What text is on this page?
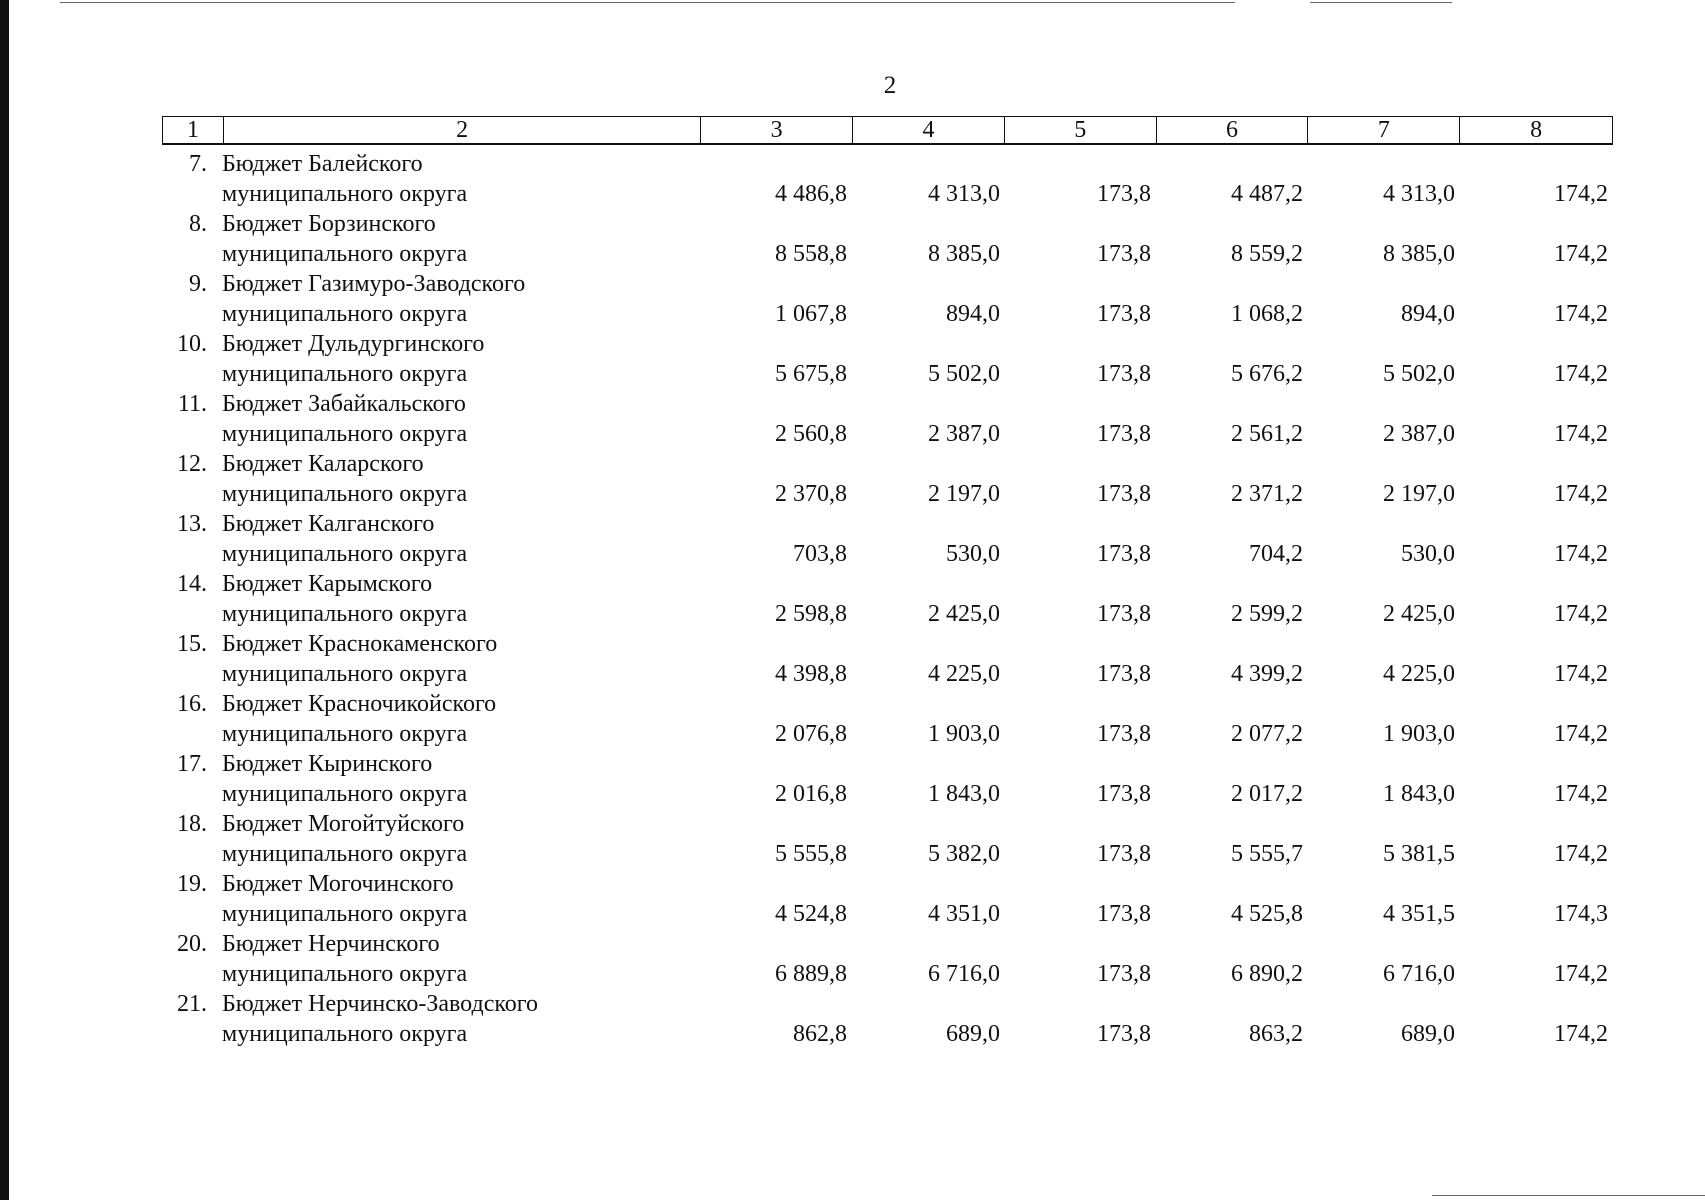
2
1	2	3	4	5	6	7	8
7. Бюджет Балейского
муниципального округа	4 486,8	4 313,0	173,8	4 487,2	4 313,0	174,2
8. Бюджет Борзинского
муниципального округа	8 558,8	8 385,0	173,8	8 559,2	8 385,0	174,2
9. Бюджет Газимуро-Заводского
муниципального округа	1 067,8	894,0	173,8	1 068,2	894,0	174,2
10. Бюджет Дульдургинского
муниципального округа	5 675,8	5 502,0	173,8	5 676,2	5 502,0	174,2
11. Бюджет Забайкальского
муниципального округа	2 560,8	2 387,0	173,8	2 561,2	2 387,0	174,2
12. Бюджет Каларского
муниципального округа	2 370,8	2 197,0	173,8	2 371,2	2 197,0	174,2
13. Бюджет Калганского
муниципального округа	703,8	530,0	173,8	704,2	530,0	174,2
14. Бюджет Карымского
муниципального округа	2 598,8	2 425,0	173,8	2 599,2	2 425,0	174,2
15. Бюджет Краснокаменского
муниципального округа	4 398,8	4 225,0	173,8	4 399,2	4 225,0	174,2
16. Бюджет Красночикойского
муниципального округа	2 076,8	1 903,0	173,8	2 077,2	1 903,0	174,2
17. Бюджет Кыринского
муниципального округа	2 016,8	1 843,0	173,8	2 017,2	1 843,0	174,2
18. Бюджет Могойтуйского
муниципального округа	5 555,8	5 382,0	173,8	5 555,7	5 381,5	174,2
19. Бюджет Могочинского
муниципального округа	4 524,8	4 351,0	173,8	4 525,8	4 351,5	174,3
20. Бюджет Нерчинского
муниципального округа	6 889,8	6 716,0	173,8	6 890,2	6 716,0	174,2
21. Бюджет Нерчинско-Заводского
муниципального округа	862,8	689,0	173,8	863,2	689,0	174,2
